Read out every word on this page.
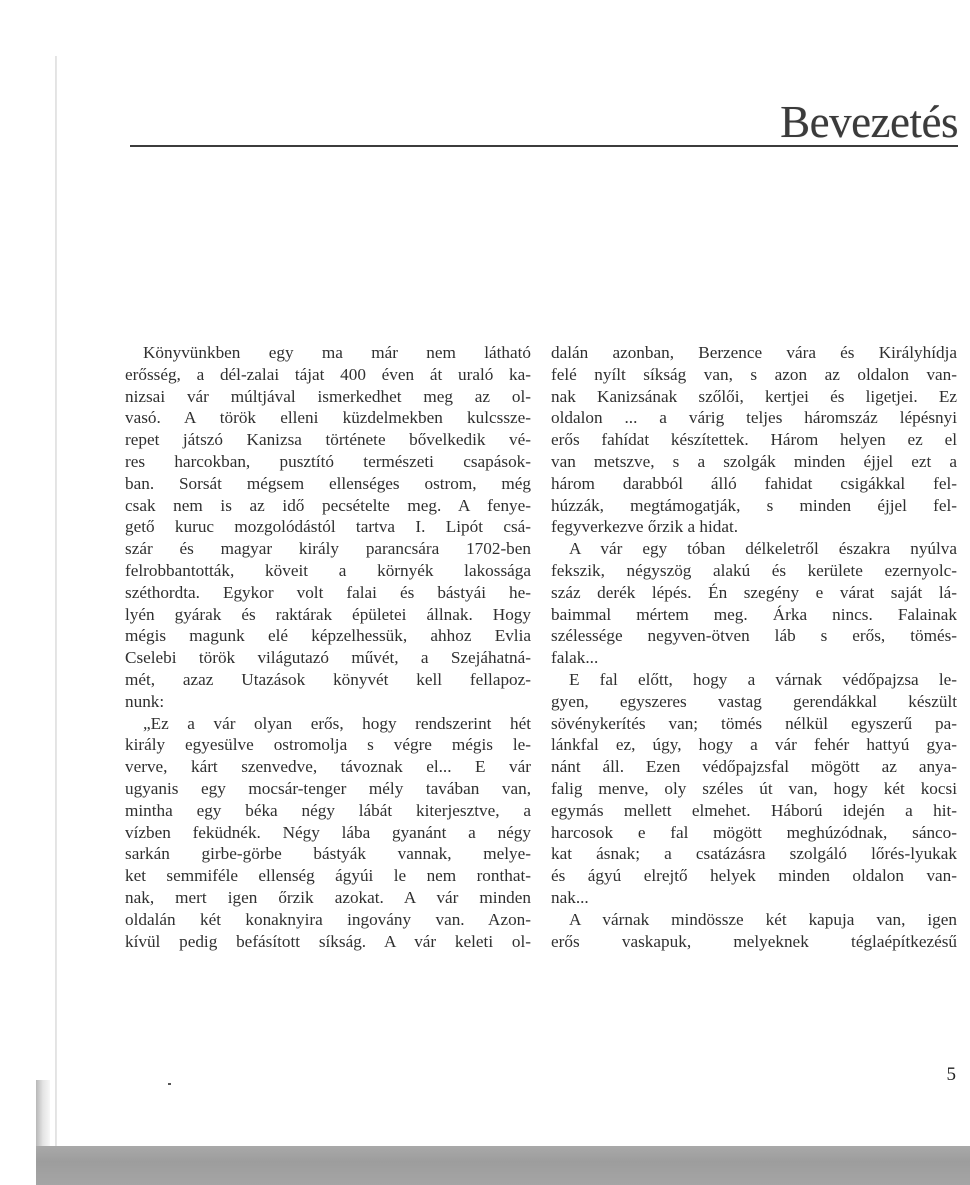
Bevezetés
Könyvünkben egy ma már nem látható
erősség, a dél-zalai tájat 400 éven át uraló ka-
nizsai vár múltjával ismerkedhet meg az ol-
vasó. A török elleni küzdelmekben kulcssze-
repet játszó Kanizsa története bővelkedik vé-
res harcokban, pusztító természeti csapások-
ban. Sorsát mégsem ellenséges ostrom, még
csak nem is az idő pecsételte meg. A fenye-
gető kuruc mozgolódástól tartva I. Lipót csá-
szár és magyar király parancsára 1702-ben
felrobbantották, köveit a környék lakossága
széthordta. Egykor volt falai és bástyái he-
lyén gyárak és raktárak épületei állnak. Hogy
mégis magunk elé képzelhessük, ahhoz Evlia
Cselebi török világutazó művét, a Szejáhatná-
mét, azaz Utazások könyvét kell fellapoz-
nunk:
„Ez a vár olyan erős, hogy rendszerint hét
király egyesülve ostromolja s végre mégis le-
verve, kárt szenvedve, távoznak el... E vár
ugyanis egy mocsár-tenger mély tavában van,
mintha egy béka négy lábát kiterjesztve, a
vízben feküdnék. Négy lába gyanánt a négy
sarkán girbe-görbe bástyák vannak, melye-
ket semmiféle ellenség ágyúi le nem ronthat-
nak, mert igen őrzik azokat. A vár minden
oldalán két konaknyira ingovány van. Azon-
kívül pedig befásított síkság. A vár keleti ol-
dalán azonban, Berzence vára és Királyhídja
felé nyílt síkság van, s azon az oldalon van-
nak Kanizsának szőlői, kertjei és ligetjei. Ez
oldalon ... a várig teljes háromszáz lépésnyi
erős fahídat készítettek. Három helyen ez el
van metszve, s a szolgák minden éjjel ezt a
három darabból álló fahidat csigákkal fel-
húzzák, megtámogatják, s minden éjjel fel-
fegyverkezve őrzik a hidat.
A vár egy tóban délkeletről északra nyúlva
fekszik, négyszög alakú és kerülete ezernyolc-
száz derék lépés. Én szegény e várat saját lá-
baimmal mértem meg. Árka nincs. Falainak
szélessége negyven-ötven láb s erős, tömés-
falak...
E fal előtt, hogy a várnak védőpajzsa le-
gyen, egyszeres vastag gerendákkal készült
sövénykerítés van; tömés nélkül egyszerű pa-
lánkfal ez, úgy, hogy a vár fehér hattyú gya-
nánt áll. Ezen védőpajzsfal mögött az anya-
falig menve, oly széles út van, hogy két kocsi
egymás mellett elmehet. Háború idején a hit-
harcosok e fal mögött meghúzódnak, sánco-
kat ásnak; a csatázásra szolgáló lőrés-lyukak
és ágyú elrejtő helyek minden oldalon van-
nak...
A várnak mindössze két kapuja van, igen
erős vaskapuk, melyeknek téglaépítkezésű
5
